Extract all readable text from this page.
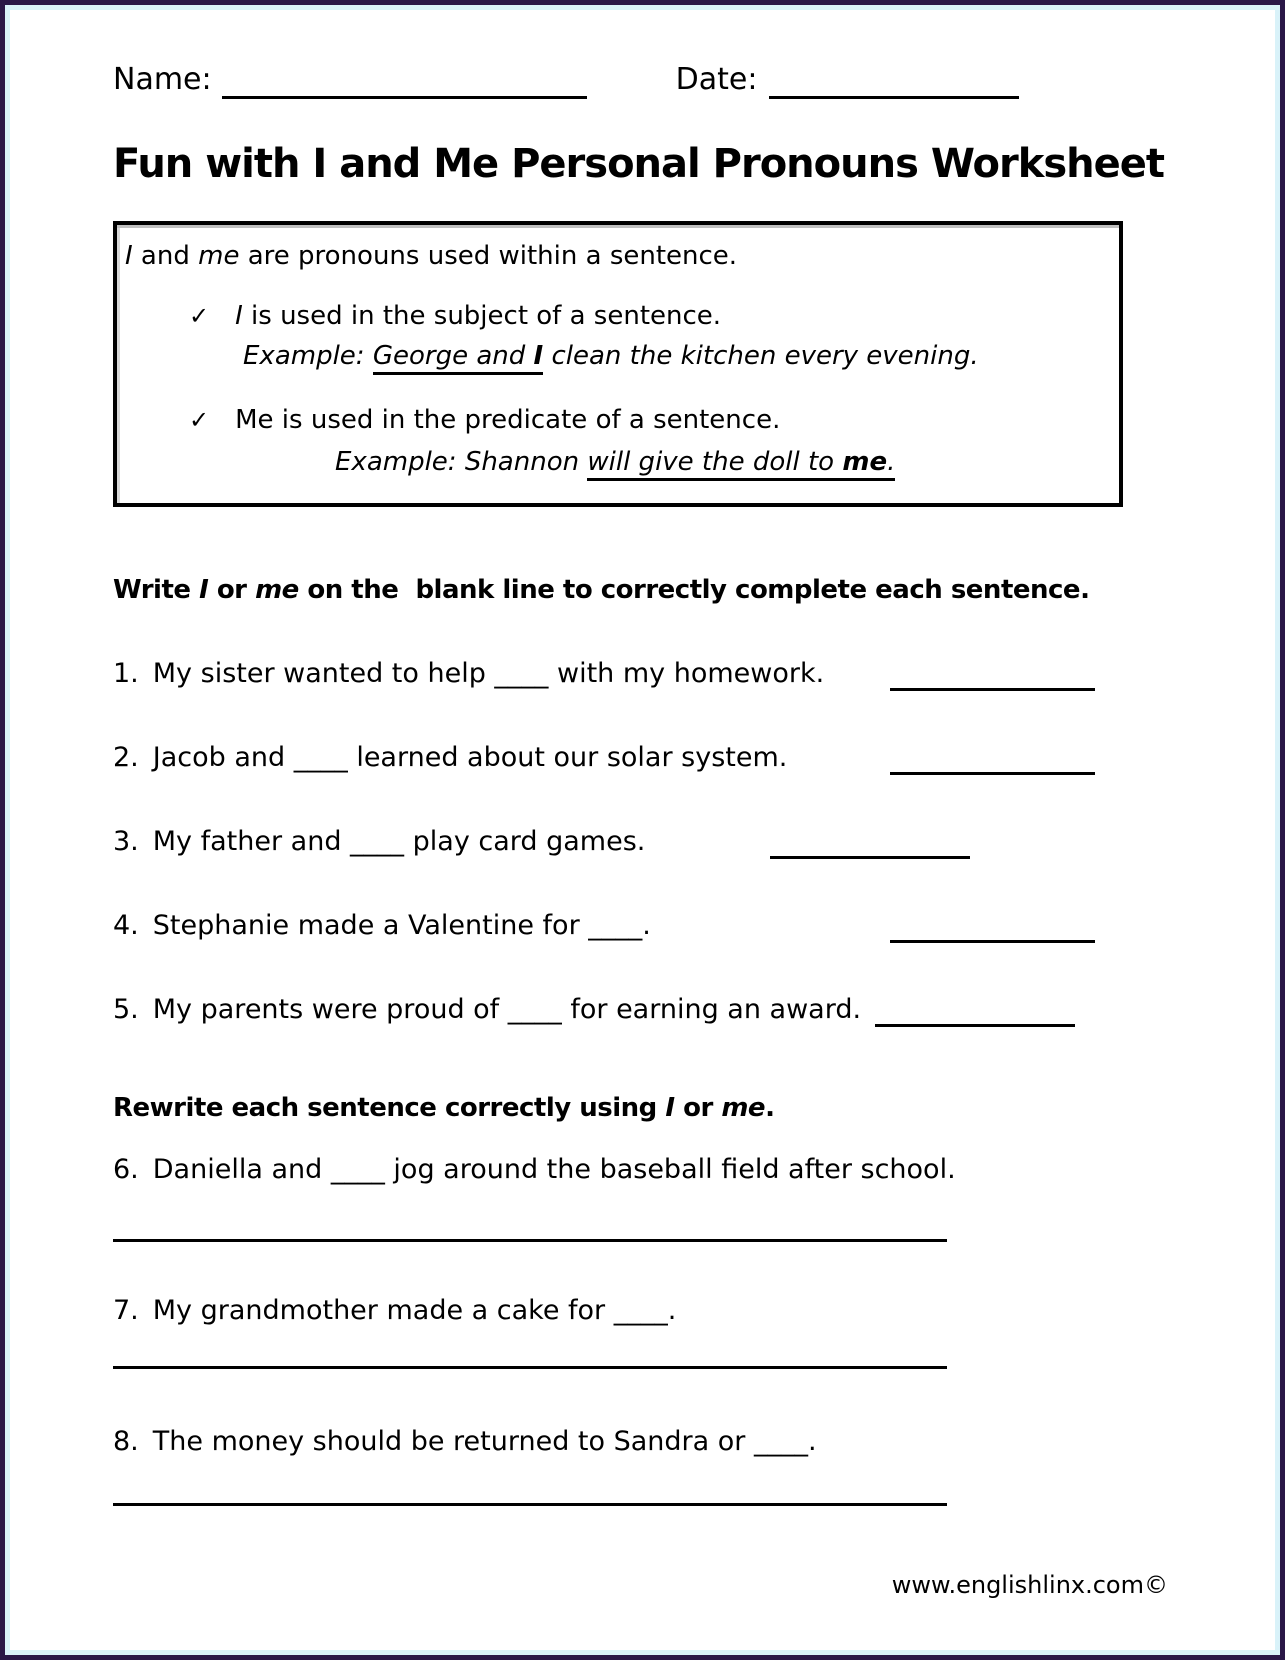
Name:	Date:
Fun with I and Me Personal Pronouns Worksheet
I and me are pronouns used within a sentence.
✓ I is used in the subject of a sentence.
Example: George and I clean the kitchen every evening.
✓ Me is used in the predicate of a sentence.
Example: Shannon will give the doll to me.
Write I or me on the  blank line to correctly complete each sentence.
1. My sister wanted to help ____ with my homework.
2. Jacob and ____ learned about our solar system.
3. My father and ____ play card games.
4. Stephanie made a Valentine for ____.
5. My parents were proud of ____ for earning an award.
Rewrite each sentence correctly using I or me.
6. Daniella and ____ jog around the baseball field after school.
7. My grandmother made a cake for ____.
8. The money should be returned to Sandra or ____.
www.englishlinx.com©
